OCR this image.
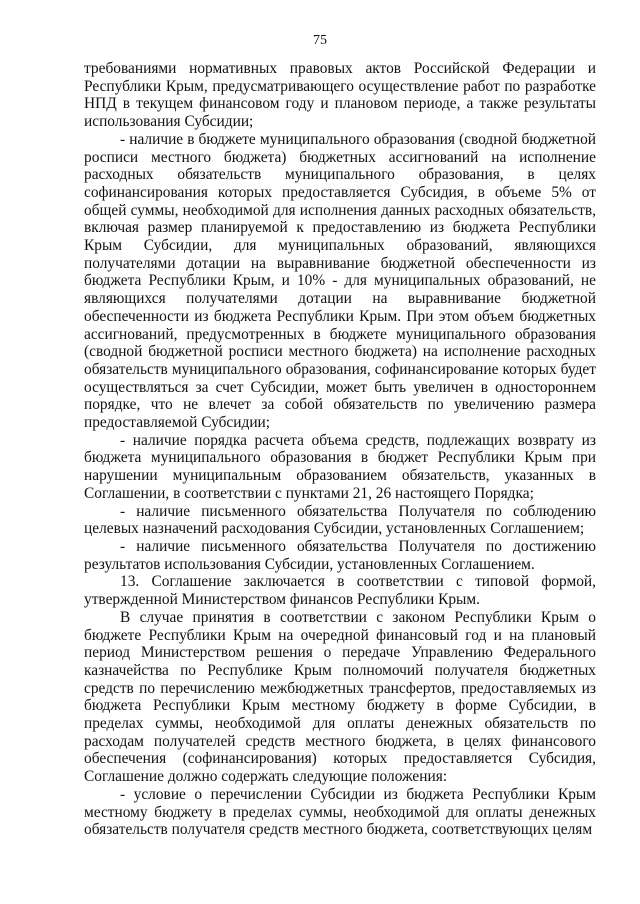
75

требованиями нормативных правовых актов Российской Федерации и Республики Крым, предусматривающего осуществление работ по разработке НПД в текущем финансовом году и плановом периоде, а также результаты использования Субсидии;

- наличие в бюджете муниципального образования (сводной бюджетной росписи местного бюджета) бюджетных ассигнований на исполнение расходных обязательств муниципального образования, в целях софинансирования которых предоставляется Субсидия, в объеме 5% от общей суммы, необходимой для исполнения данных расходных обязательств, включая размер планируемой к предоставлению из бюджета Республики Крым Субсидии, для муниципальных образований, являющихся получателями дотации на выравнивание бюджетной обеспеченности из бюджета Республики Крым, и 10% - для муниципальных образований, не являющихся получателями дотации на выравнивание бюджетной обеспеченности из бюджета Республики Крым. При этом объем бюджетных ассигнований, предусмотренных в бюджете муниципального образования (сводной бюджетной росписи местного бюджета) на исполнение расходных обязательств муниципального образования, софинансирование которых будет осуществляться за счет Субсидии, может быть увеличен в одностороннем порядке, что не влечет за собой обязательств по увеличению размера предоставляемой Субсидии;

- наличие порядка расчета объема средств, подлежащих возврату из бюджета муниципального образования в бюджет Республики Крым при нарушении муниципальным образованием обязательств, указанных в Соглашении, в соответствии с пунктами 21, 26 настоящего Порядка;

- наличие письменного обязательства Получателя по соблюдению целевых назначений расходования Субсидии, установленных Соглашением;

- наличие письменного обязательства Получателя по достижению результатов использования Субсидии, установленных Соглашением.

13. Соглашение заключается в соответствии с типовой формой, утвержденной Министерством финансов Республики Крым.

В случае принятия в соответствии с законом Республики Крым о бюджете Республики Крым на очередной финансовый год и на плановый период Министерством решения о передаче Управлению Федерального казначейства по Республике Крым полномочий получателя бюджетных средств по перечислению межбюджетных трансфертов, предоставляемых из бюджета Республики Крым местному бюджету в форме Субсидии, в пределах суммы, необходимой для оплаты денежных обязательств по расходам получателей средств местного бюджета, в целях финансового обеспечения (софинансирования) которых предоставляется Субсидия, Соглашение должно содержать следующие положения:

- условие о перечислении Субсидии из бюджета Республики Крым местному бюджету в пределах суммы, необходимой для оплаты денежных обязательств получателя средств местного бюджета, соответствующих целям
